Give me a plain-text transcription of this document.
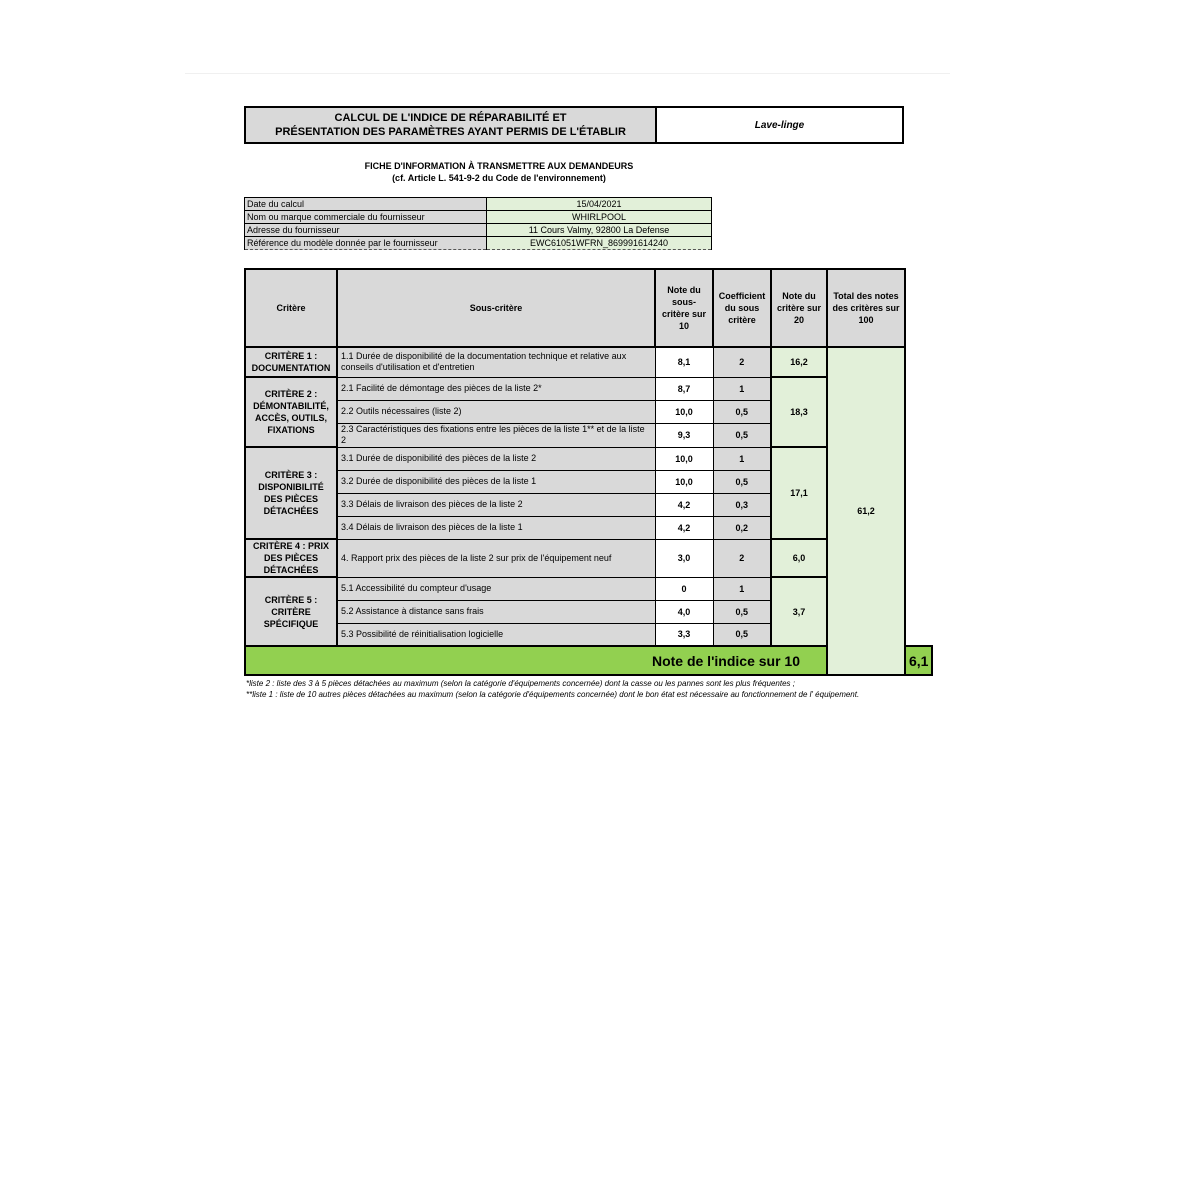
CALCUL DE L'INDICE DE RÉPARABILITÉ ET
PRÉSENTATION DES PARAMÈTRES AYANT PERMIS DE L'ÉTABLIR
Lave-linge
FICHE D'INFORMATION À TRANSMETTRE AUX DEMANDEURS
(cf. Article L. 541-9-2 du Code de l'environnement)
Date du calcul	15/04/2021
Nom ou marque commerciale du fournisseur	WHIRLPOOL
Adresse du fournisseur	11 Cours Valmy, 92800 La Defense
Référence du modèle donnée par le fournisseur	EWC61051WFRN_869991614240
Critère	Sous-critère	Note du sous-critère sur 10	Coefficient du sous critère	Note du critère sur 20	Total des notes des critères sur 100	
CRITÈRE 1 : DOCUMENTATION	1.1 Durée de disponibilité de la documentation technique et relative aux conseils d'utilisation et d'entretien	8,1	2	16,2	61,2	
CRITÈRE 2 : DÉMONTABILITÉ, ACCÈS, OUTILS, FIXATIONS	2.1 Facilité de démontage des pièces de la liste 2*	8,7	1	18,3		
	2.2 Outils nécessaires (liste 2)	10,0	0,5			
	2.3 Caractéristiques des fixations entre les pièces de la liste 1** et de la liste 2	9,3	0,5			
CRITÈRE 3 : DISPONIBILITÉ DES PIÈCES DÉTACHÉES	3.1 Durée de disponibilité des pièces de la liste 2	10,0	1	17,1		
	3.2 Durée de disponibilité des pièces de la liste 1	10,0	0,5			
	3.3 Délais de livraison des pièces de la liste 2	4,2	0,3			
	3.4 Délais de livraison des pièces de la liste 1	4,2	0,2			
CRITÈRE 4 : PRIX DES PIÈCES DÉTACHÉES	4. Rapport prix des pièces de la liste 2 sur prix de l'équipement neuf	3,0	2	6,0		
CRITÈRE 5 : CRITÈRE SPÉCIFIQUE	5.1 Accessibilité du compteur d'usage	0	1	3,7		
	5.2 Assistance à distance sans frais	4,0	0,5			
	5.3 Possibilité de réinitialisation logicielle	3,3	0,5			
Note de l'indice sur 10						6,1
*liste 2 : liste des 3 à 5 pièces détachées au maximum (selon la catégorie d'équipements concernée) dont la casse ou les pannes sont les plus fréquentes ;
**liste 1 : liste de 10 autres pièces détachées au maximum (selon la catégorie d'équipements concernée) dont le bon état est nécessaire au fonctionnement de l' équipement.
